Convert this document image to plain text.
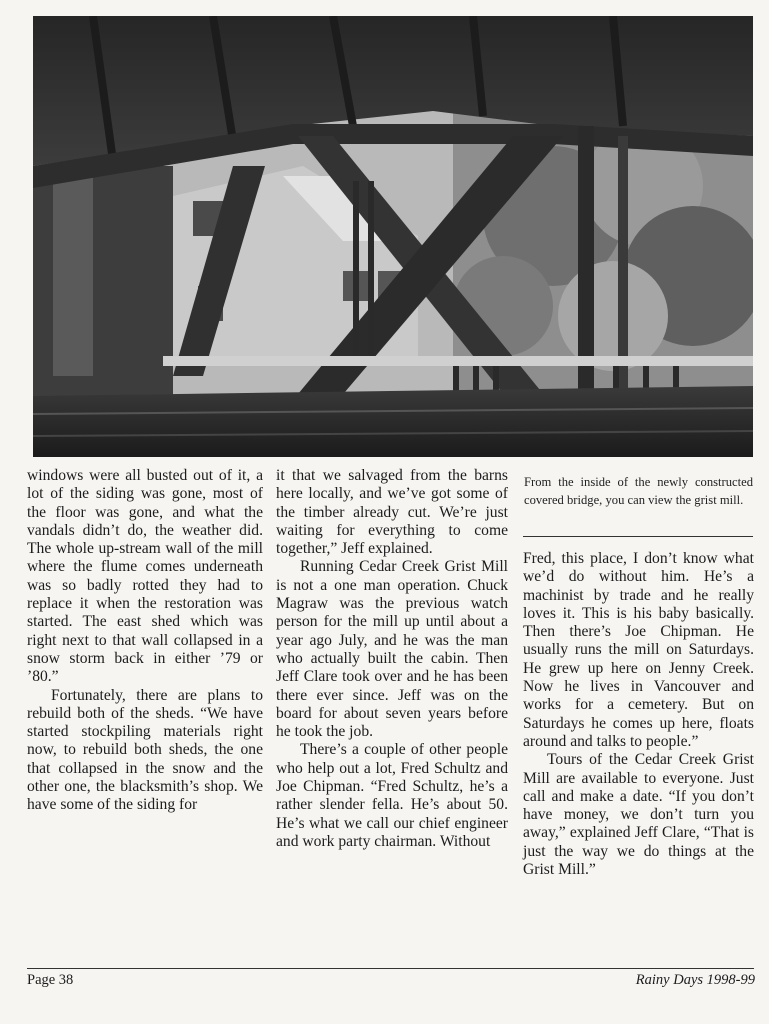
From the inside of the newly constructed covered bridge, you can view the grist mill.

windows were all busted out of it, a lot of the siding was gone, most of the floor was gone, and what the vandals didn’t do, the weather did. The whole up-stream wall of the mill where the flume comes underneath was so badly rotted they had to replace it when the restoration was started. The east shed which was right next to that wall collapsed in a snow storm back in either ’79 or ’80.”

Fortunately, there are plans to rebuild both of the sheds. “We have started stockpiling materials right now, to rebuild both sheds, the one that collapsed in the snow and the other one, the blacksmith’s shop. We have some of the siding for

it that we salvaged from the barns here locally, and we’ve got some of the timber already cut. We’re just waiting for everything to come together,” Jeff explained.

Running Cedar Creek Grist Mill is not a one man operation. Chuck Magraw was the previous watch person for the mill up until about a year ago July, and he was the man who actually built the cabin. Then Jeff Clare took over and he has been there ever since. Jeff was on the board for about seven years before he took the job.

There’s a couple of other people who help out a lot, Fred Schultz and Joe Chipman. “Fred Schultz, he’s a rather slender fella. He’s about 50. He’s what we call our chief engineer and work party chairman. Without

Fred, this place, I don’t know what we’d do without him. He’s a machinist by trade and he really loves it. This is his baby basically. Then there’s Joe Chipman. He usually runs the mill on Saturdays. He grew up here on Jenny Creek. Now he lives in Vancouver and works for a cemetery. But on Saturdays he comes up here, floats around and talks to people.”

Tours of the Cedar Creek Grist Mill are available to everyone. Just call and make a date. “If you don’t have money, we don’t turn you away,” explained Jeff Clare, “That is just the way we do things at the Grist Mill.”

Page 38	Rainy Days 1998-99
